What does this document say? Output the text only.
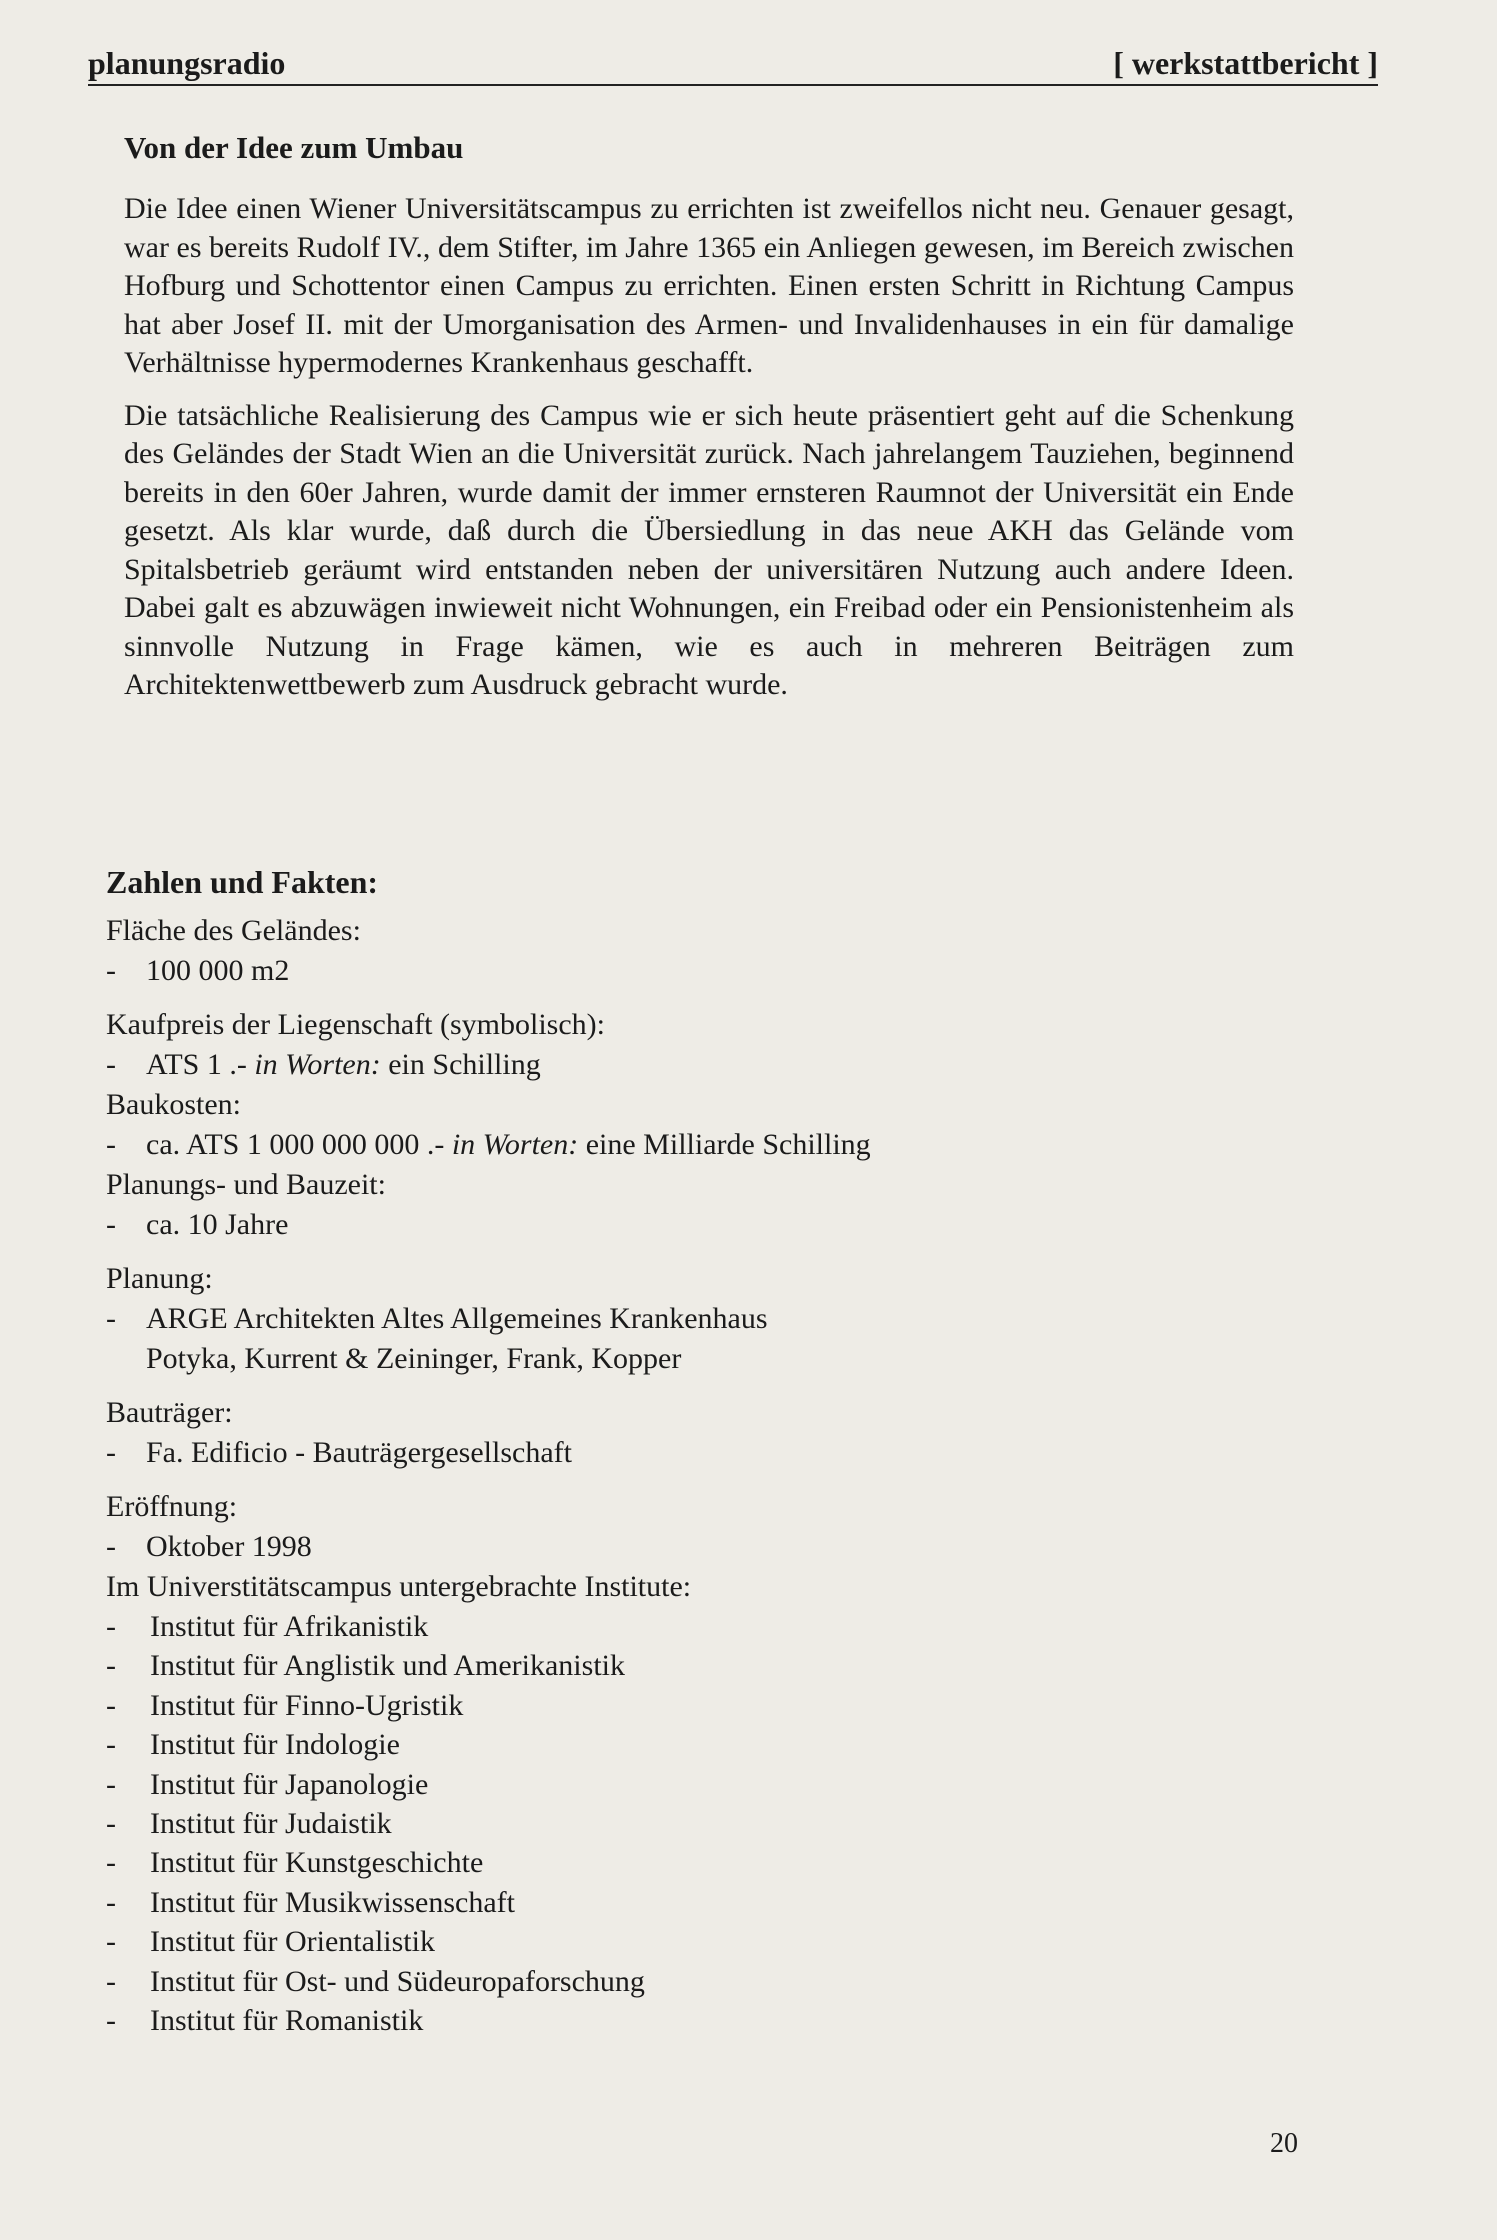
planungsradio	[ werkstattbericht ]
Von der Idee zum Umbau

Die Idee einen Wiener Universitätscampus zu errichten ist zweifellos nicht neu. Genauer gesagt, war es bereits Rudolf IV., dem Stifter, im Jahre 1365 ein Anliegen gewesen, im Bereich zwischen Hofburg und Schottentor einen Campus zu errichten. Einen ersten Schritt in Richtung Campus hat aber Josef II. mit der Umorganisation des Armen- und Invalidenhauses in ein für damalige Verhältnisse hypermodernes Krankenhaus geschafft.

Die tatsächliche Realisierung des Campus wie er sich heute präsentiert geht auf die Schenkung des Geländes der Stadt Wien an die Universität zurück. Nach jahrelangem Tauziehen, beginnend bereits in den 60er Jahren, wurde damit der immer ernsteren Raumnot der Universität ein Ende gesetzt. Als klar wurde, daß durch die Übersiedlung in das neue AKH das Gelände vom Spitalsbetrieb geräumt wird entstanden neben der universitären Nutzung auch andere Ideen. Dabei galt es abzuwägen inwieweit nicht Wohnungen, ein Freibad oder ein Pensionistenheim als sinnvolle Nutzung in Frage kämen, wie es auch in mehreren Beiträgen zum Architektenwettbewerb zum Ausdruck gebracht wurde.

Zahlen und Fakten:

Fläche des Geländes:

-	100 000 m2

Kaufpreis der Liegenschaft (symbolisch):

-	ATS 1 .- in Worten: ein Schilling

Baukosten:

-	ca. ATS 1 000 000 000 .- in Worten: eine Milliarde Schilling

Planungs- und Bauzeit:

-	ca. 10 Jahre

Planung:

-	ARGE Architekten Altes Allgemeines Krankenhaus

Potyka, Kurrent & Zeininger, Frank, Kopper

Bauträger:

-	Fa. Edificio - Bauträgergesellschaft

Eröffnung:

-	Oktober 1998

Im Universtitätscampus untergebrachte Institute:

-	Institut für Afrikanistik

-	Institut für Anglistik und Amerikanistik

-	Institut für Finno-Ugristik

-	Institut für Indologie

-	Institut für Japanologie

-	Institut für Judaistik

-	Institut für Kunstgeschichte

-	Institut für Musikwissenschaft

-	Institut für Orientalistik

-	Institut für Ost- und Südeuropaforschung

-	Institut für Romanistik

20
